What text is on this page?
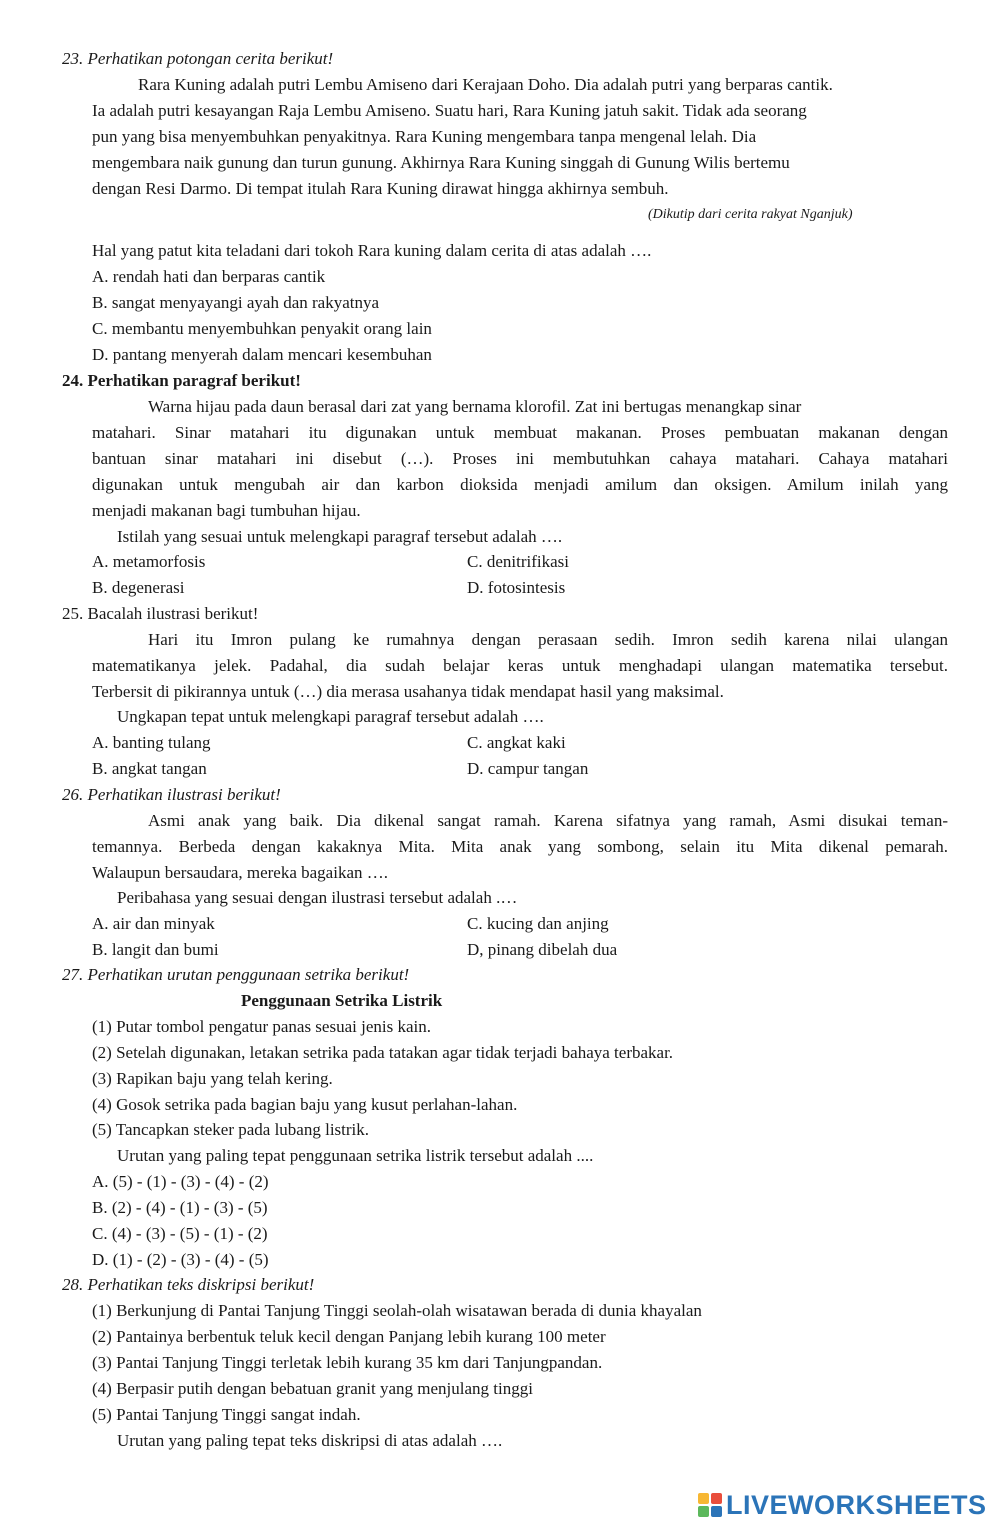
23. Perhatikan potongan cerita berikut!
Rara Kuning adalah putri Lembu Amiseno dari Kerajaan Doho. Dia adalah putri yang berparas cantik.
Ia adalah putri kesayangan Raja Lembu Amiseno. Suatu hari, Rara Kuning jatuh sakit. Tidak ada seorang
pun yang bisa menyembuhkan penyakitnya. Rara Kuning mengembara tanpa mengenal lelah. Dia
mengembara naik gunung dan turun gunung. Akhirnya Rara Kuning singgah di Gunung Wilis bertemu
dengan Resi Darmo. Di tempat itulah Rara Kuning dirawat hingga akhirnya sembuh.
(Dikutip dari cerita rakyat Nganjuk)
Hal yang patut kita teladani dari tokoh Rara kuning dalam cerita di atas adalah ….
A. rendah hati dan berparas cantik
B. sangat menyayangi ayah dan rakyatnya
C. membantu menyembuhkan penyakit orang lain
D. pantang menyerah dalam mencari kesembuhan
24. Perhatikan paragraf berikut!
Warna hijau pada daun berasal dari zat yang bernama klorofil. Zat ini bertugas menangkap sinar
matahari. Sinar matahari itu digunakan untuk membuat makanan. Proses pembuatan makanan dengan
bantuan sinar matahari ini disebut (…). Proses ini membutuhkan cahaya matahari. Cahaya matahari
digunakan untuk mengubah air dan karbon dioksida menjadi amilum dan oksigen. Amilum inilah yang
menjadi makanan bagi tumbuhan hijau.
Istilah yang sesuai untuk melengkapi paragraf tersebut adalah ….
A. metamorfosis	C. denitrifikasi
B. degenerasi	D. fotosintesis
25. Bacalah ilustrasi berikut!
Hari itu Imron pulang ke rumahnya dengan perasaan sedih. Imron sedih karena nilai ulangan
matematikanya jelek. Padahal, dia sudah belajar keras untuk menghadapi ulangan matematika tersebut.
Terbersit di pikirannya untuk (…) dia merasa usahanya tidak mendapat hasil yang maksimal.
Ungkapan tepat untuk melengkapi paragraf tersebut adalah ….
A. banting tulang	C. angkat kaki
B. angkat tangan	D. campur tangan
26. Perhatikan ilustrasi berikut!
Asmi anak yang baik. Dia dikenal sangat ramah. Karena sifatnya yang ramah, Asmi disukai teman-
temannya. Berbeda dengan kakaknya Mita. Mita anak yang sombong, selain itu Mita dikenal pemarah.
Walaupun bersaudara, mereka bagaikan ….
Peribahasa yang sesuai dengan ilustrasi tersebut adalah .…
A. air dan minyak	C. kucing dan anjing
B. langit dan bumi	D, pinang dibelah dua
27. Perhatikan urutan penggunaan setrika berikut!
Penggunaan Setrika Listrik
(1) Putar tombol pengatur panas sesuai jenis kain.
(2) Setelah digunakan, letakan setrika pada tatakan agar tidak terjadi bahaya terbakar.
(3) Rapikan baju yang telah kering.
(4) Gosok setrika pada bagian baju yang kusut perlahan-lahan.
(5) Tancapkan steker pada lubang listrik.
Urutan yang paling tepat penggunaan setrika listrik tersebut adalah ....
A. (5) - (1) - (3) - (4) - (2)
B. (2) - (4) - (1) - (3) - (5)
C. (4) - (3) - (5) - (1) - (2)
D. (1) - (2) - (3) - (4) - (5)
28. Perhatikan teks diskripsi berikut!
(1) Berkunjung di Pantai Tanjung Tinggi seolah-olah wisatawan berada di dunia khayalan
(2) Pantainya berbentuk teluk kecil dengan Panjang lebih kurang 100 meter
(3) Pantai Tanjung Tinggi terletak lebih kurang 35 km dari Tanjungpandan.
(4) Berpasir putih dengan bebatuan granit yang menjulang tinggi
(5) Pantai Tanjung Tinggi sangat indah.
Urutan yang paling tepat teks diskripsi di atas adalah ….
LIVEWORKSHEETS
